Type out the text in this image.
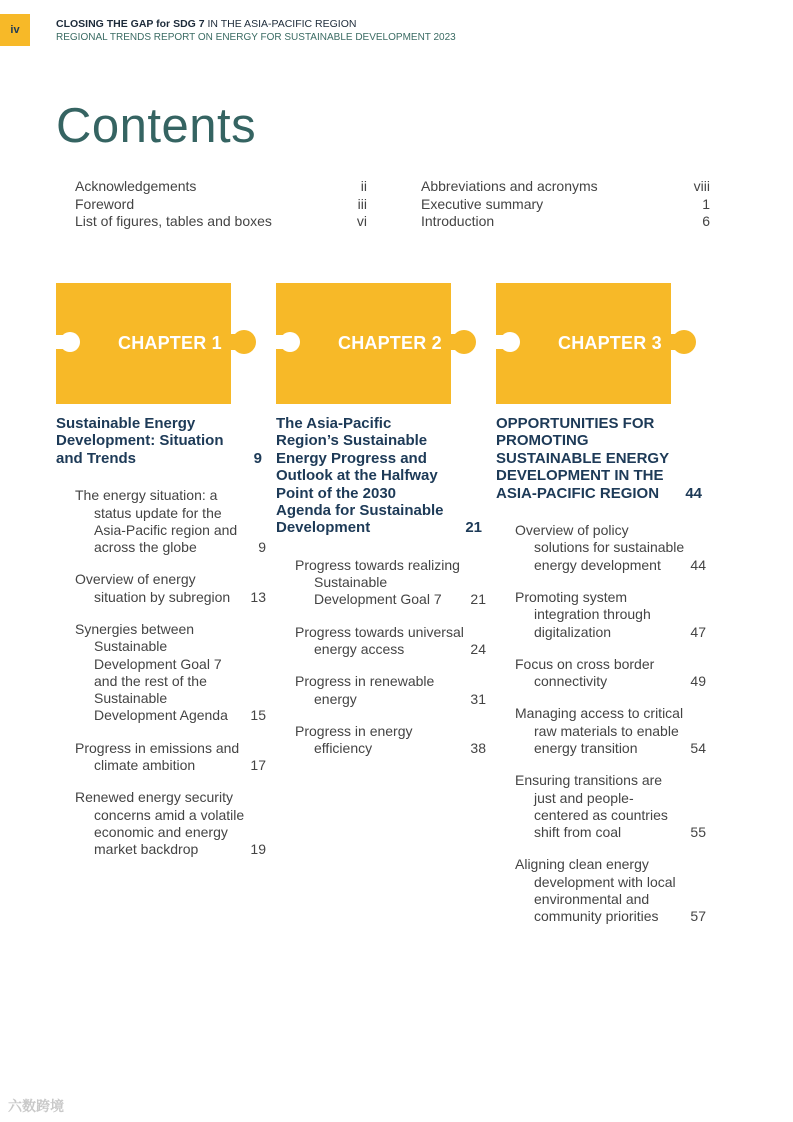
iv	CLOSING THE GAP for SDG 7 IN THE ASIA-PACIFIC REGION
REGIONAL TRENDS REPORT ON ENERGY FOR SUSTAINABLE DEVELOPMENT 2023
Contents
Acknowledgements	ii
Foreword	iii
List of figures, tables and boxes	vi
Abbreviations and acronyms	viii
Executive summary	1
Introduction	6
CHAPTER 1
Sustainable Energy Development: Situation and Trends	9
The energy situation: a status update for the Asia-Pacific region and across the globe	9
Overview of energy situation by subregion	13
Synergies between Sustainable Development Goal 7 and the rest of the Sustainable Development Agenda	15
Progress in emissions and climate ambition	17
Renewed energy security concerns amid a volatile economic and energy market backdrop	19
CHAPTER 2
The Asia-Pacific Region’s Sustainable Energy Progress and Outlook at the Halfway Point of the 2030 Agenda for Sustainable Development	21
Progress towards realizing Sustainable Development Goal 7	21
Progress towards universal energy access	24
Progress in renewable energy	31
Progress in energy efficiency	38
CHAPTER 3
OPPORTUNITIES FOR PROMOTING SUSTAINABLE ENERGY DEVELOPMENT IN THE ASIA-PACIFIC REGION	44
Overview of policy solutions for sustainable energy development	44
Promoting system integration through digitalization	47
Focus on cross border connectivity	49
Managing access to critical raw materials to enable energy transition	54
Ensuring transitions are just and people-centered as countries shift from coal	55
Aligning clean energy development with local environmental and community priorities	57
六数跨境
